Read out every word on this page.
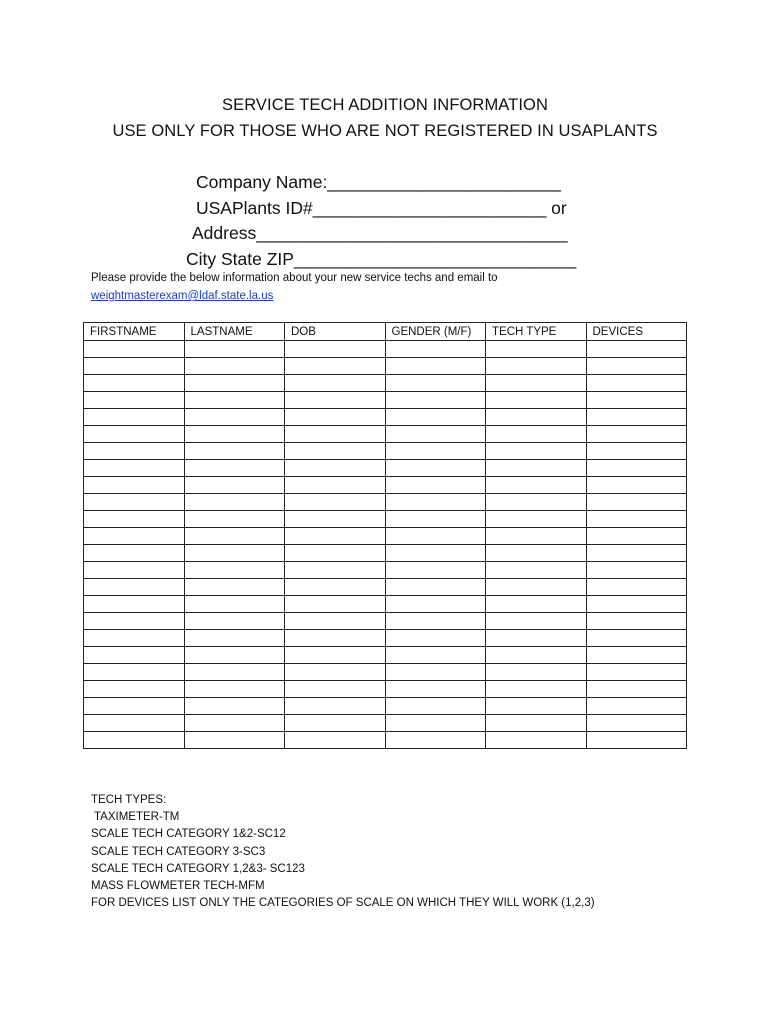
SERVICE TECH ADDITION INFORMATION
USE ONLY FOR THOSE WHO ARE NOT REGISTERED IN USAPLANTS
Company Name:________________________
USAPlants ID#________________________ or
Address________________________________
City State ZIP_____________________________
Please provide the below information about your new service techs and email to
weightmasterexam@ldaf.state.la.us
FIRSTNAME	LASTNAME	DOB	GENDER (M/F)	TECH TYPE	DEVICES

TECH TYPES:
TAXIMETER-TM
SCALE TECH CATEGORY 1&2-SC12
SCALE TECH CATEGORY 3-SC3
SCALE TECH CATEGORY 1,2&3- SC123
MASS FLOWMETER TECH-MFM
FOR DEVICES LIST ONLY THE CATEGORIES OF SCALE ON WHICH THEY WILL WORK (1,2,3)
